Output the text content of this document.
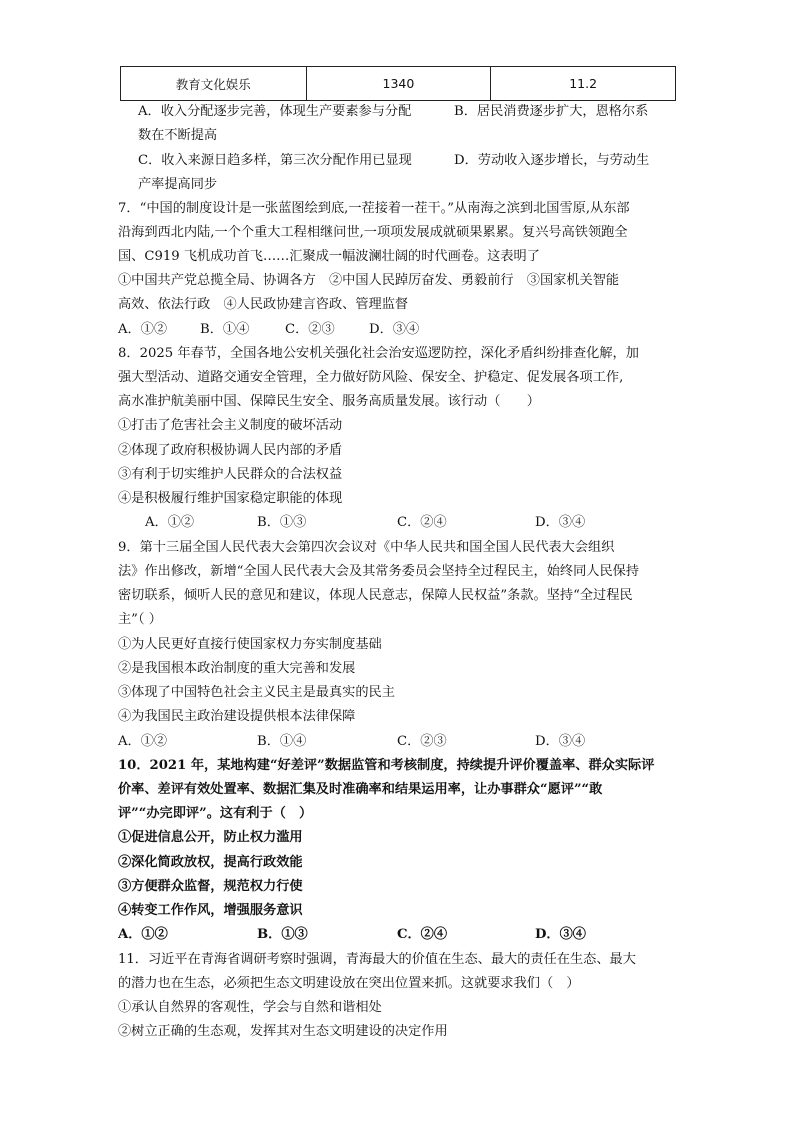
教育文化娱乐	1340	11.2
A．收入分配逐步完善，体现生产要素参与分配	B．居民消费逐步扩大，恩格尔系
数在不断提高
C．收入来源日趋多样，第三次分配作用已显现	D．劳动收入逐步增长，与劳动生
产率提高同步
7．“中国的制度设计是一张蓝图绘到底,一茬接着一茬干。”从南海之滨到北国雪原,从东部
沿海到西北内陆,一个个重大工程相继问世,一项项发展成就硕果累累。复兴号高铁领跑全
国、C919 飞机成功首飞……汇聚成一幅波澜壮阔的时代画卷。这表明了
①中国共产党总揽全局、协调各方　②中国人民踔厉奋发、勇毅前行　③国家机关智能
高效、依法行政　④人民政协建言咨政、管理监督
A．①② B．①④	C．②③	D．③④
8．2025 年春节，全国各地公安机关强化社会治安巡逻防控，深化矛盾纠纷排查化解，加
强大型活动、道路交通安全管理，全力做好防风险、保安全、护稳定、促发展各项工作,
高水准护航美丽中国、保障民生安全、服务高质量发展。该行动（　　）
①打击了危害社会主义制度的破坏活动
②体现了政府积极协调人民内部的矛盾
③有利于切实维护人民群众的合法权益
④是积极履行维护国家稳定职能的体现
A．①②	B．①③	C．②④	D．③④
9．第十三届全国人民代表大会第四次会议对《中华人民共和国全国人民代表大会组织
法》作出修改，新增“全国人民代表大会及其常务委员会坚持全过程民主，始终同人民保持
密切联系，倾听人民的意见和建议，体现人民意志，保障人民权益”条款。坚持“全过程民
主”（ ）
①为人民更好直接行使国家权力夯实制度基础
②是我国根本政治制度的重大完善和发展
③体现了中国特色社会主义民主是最真实的民主
④为我国民主政治建设提供根本法律保障
A．①②	B．①④	C．②③	D．③④
10．2021 年，某地构建“好差评”数据监管和考核制度，持续提升评价覆盖率、群众实际评
价率、差评有效处置率、数据汇集及时准确率和结果运用率，让办事群众“愿评”“敢
评”“办完即评”。这有利于（　）
①促进信息公开，防止权力滥用
②深化简政放权，提高行政效能
③方便群众监督，规范权力行使
④转变工作作风，增强服务意识
A．①②	B．①③	C．②④	D．③④
11．习近平在青海省调研考察时强调，青海最大的价值在生态、最大的责任在生态、最大
的潜力也在生态，必须把生态文明建设放在突出位置来抓。这就要求我们（　）
①承认自然界的客观性，学会与自然和谐相处
②树立正确的生态观，发挥其对生态文明建设的决定作用
